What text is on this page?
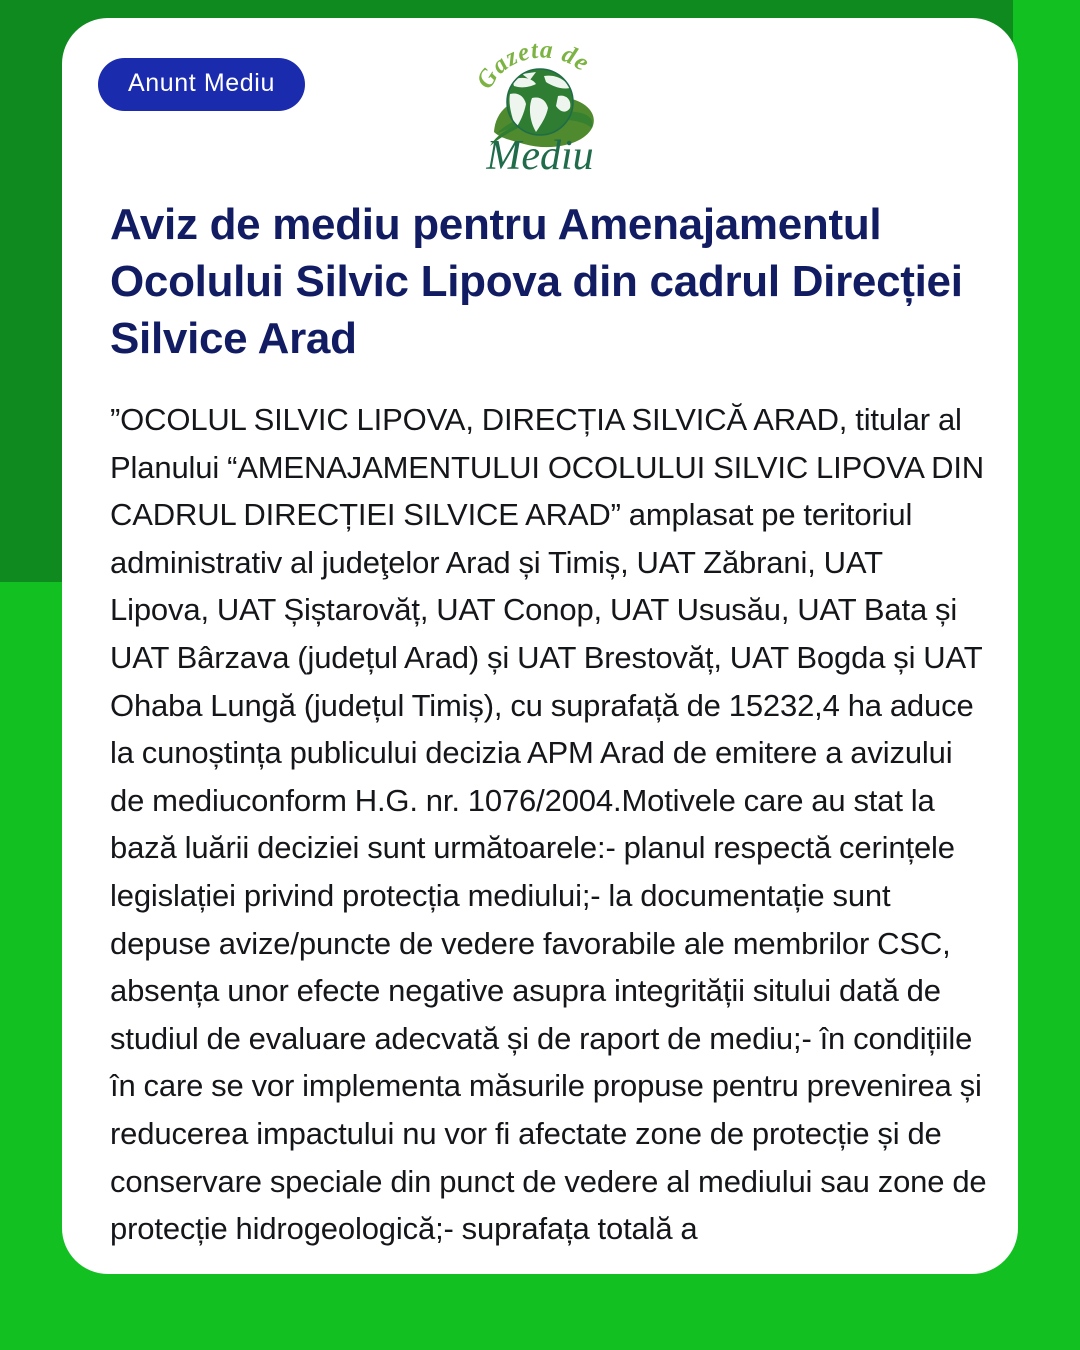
Anunt Mediu	Gazeta de
Mediu
Aviz de mediu pentru Amenajamentul Ocolului Silvic Lipova din cadrul Direcției Silvice Arad

”OCOLUL SILVIC LIPOVA, DIRECȚIA SILVICĂ ARAD, titular al Planului “AMENAJAMENTULUI OCOLULUI SILVIC LIPOVA DIN CADRUL DIRECȚIEI SILVICE ARAD” amplasat pe teritoriul administrativ al judeţelor Arad și Timiș, UAT Zăbrani, UAT Lipova, UAT Șiștarovăț, UAT Conop, UAT Ususău, UAT Bata și UAT Bârzava (județul Arad) și UAT Brestovăț, UAT Bogda și UAT Ohaba Lungă (județul Timiș), cu suprafață de 15232,4 ha aduce la cunoștința publicului decizia APM Arad de emitere a avizului de mediuconform H.G. nr. 1076/2004.Motivele care au stat la bază luării deciziei sunt următoarele:- planul respectă cerințele legislației privind protecția mediului;- la documentație sunt depuse avize/puncte de vedere favorabile ale membrilor CSC, absența unor efecte negative asupra integrității sitului dată de studiul de evaluare adecvată și de raport de mediu;- în condițiile în care se vor implementa măsurile propuse pentru prevenirea și reducerea impactului nu vor fi afectate zone de protecție și de conservare speciale din punct de vedere al mediului sau zone de protecție hidrogeologică;- suprafața totală a
